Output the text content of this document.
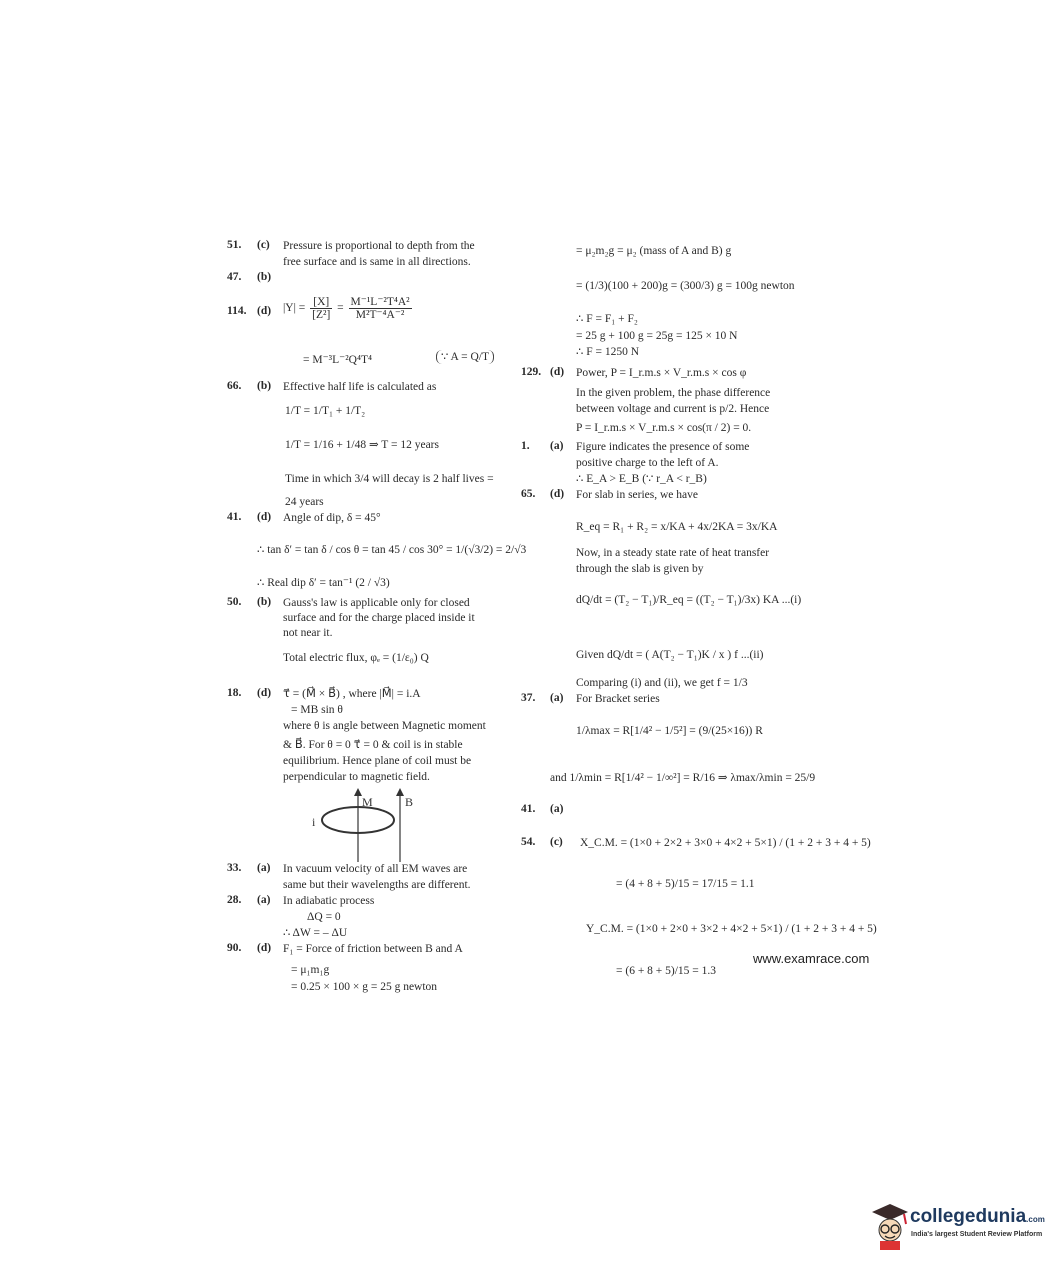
51. (c) Pressure is proportional to depth from the
free surface and is same in all directions.
47. (b)
114. (d) $|Y| = \frac{[X]}{\text{[Z²]}} = \frac{\text{M⁻¹L⁻²T⁴A²}}{\text{M²T⁻⁴A⁻²}}$
= M⁻³L⁻²Q⁴T⁴	∵ A = Q/T
66. (b) Effective half life is calculated as
1/T = 1/T₁ + 1/T₂
1/T = 1/16 + 1/48 ⇒ T = 12 years
Time in which 3/4 will decay is 2 half lives =
24 years
41. (d) Angle of dip, δ = 45°
∴ tan δ′ = tan δ / cos θ = tan 45 / cos 30° = 1/(√3/2) = 2/√3
∴ Real dip δ′ = tan⁻¹ (2 / √3)
50. (b) Gauss's law is applicable only for closed
surface and for the charge placed inside it
not near it.
Total electric flux, φₑ = (1/ε₀) Q
18. (d) τ⃗ = (M⃗ × B⃗) , where |M⃗| = i.A
= MB sin θ
where θ is angle between Magnetic moment
& B⃗. For θ = 0 τ⃗ = 0 & coil is in stable
equilibrium. Hence plane of coil must be
perpendicular to magnetic field.
M	B
i
33. (a) In vacuum velocity of all EM waves are
same but their wavelengths are different.
28. (a) In adiabatic process
ΔQ = 0
∴ ΔW = – ΔU
90. (d) F₁ = Force of friction between B and A
= μ₁m₁g
= 0.25 × 100 × g = 25 g newton
= μ₂m₂g = μ₂ (mass of A and B) g
= (1/3)(100 + 200)g = (300/3) g = 100g newton
∴ F = F₁ + F₂
= 25 g + 100 g = 25g = 125 × 10 N
∴ F = 1250 N
129. (d) Power, P = I_r.m.s × V_r.m.s × cos φ
In the given problem, the phase difference
between voltage and current is p/2. Hence
P = I_r.m.s × V_r.m.s × cos(π / 2) = 0.
1. (a) Figure indicates the presence of some
positive charge to the left of A.
∴ E_A > E_B (∵ r_A < r_B)
65. (d) For slab in series, we have
R_eq = R₁ + R₂ = x/KA + 4x/2KA = 3x/KA
Now, in a steady state rate of heat transfer
through the slab is given by
dQ/dt = (T₂ − T₁)/R_eq = ((T₂ − T₁)/3x) KA ...(i)
Given dQ/dt = ( A(T₂ − T₁)K / x ) f ...(ii)
Comparing (i) and (ii), we get f = 1/3
37. (a) For Bracket series
1/λmax = R[1/4² − 1/5²] = (9/(25×16)) R
and 1/λmin = R[1/4² − 1/∞²] = R/16 ⇒ λmax/λmin = 25/9
41. (a)
54. (c) X_C.M. = (1×0 + 2×2 + 3×0 + 4×2 + 5×1) / (1 + 2 + 3 + 4 + 5)
= (4 + 8 + 5)/15 = 17/15 = 1.1
Y_C.M. = (1×0 + 2×0 + 3×2 + 4×2 + 5×1) / (1 + 2 + 3 + 4 + 5)
= (6 + 8 + 5)/15 = 1.3
www.examrace.com
collegedunia.com
India's largest Student Review Platform
